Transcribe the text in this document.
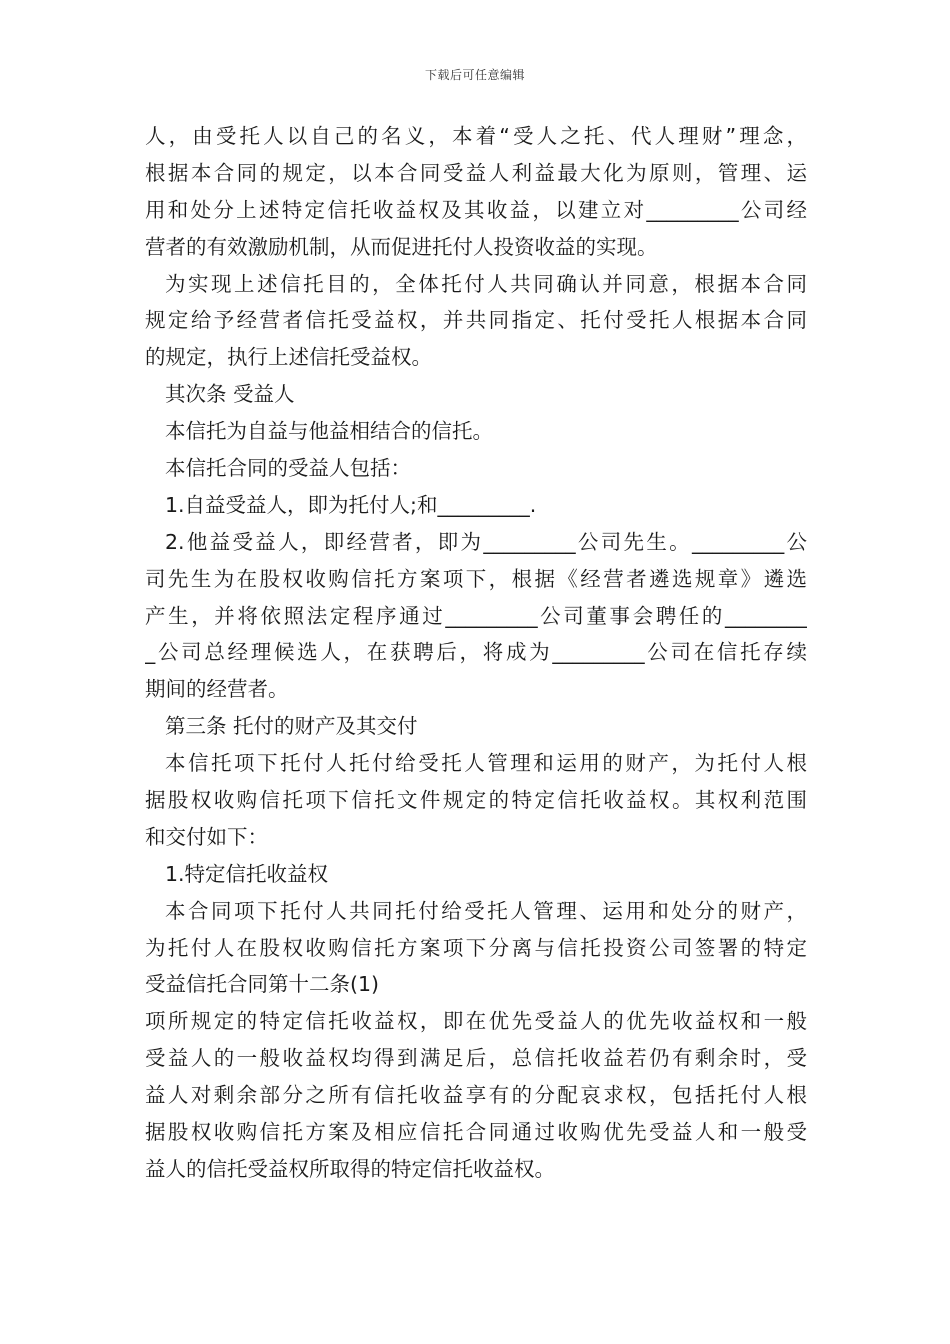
下载后可任意编辑
人，由受托人以自己的名义，本着“受人之托、代人理财”理念，
根据本合同的规定，以本合同受益人利益最大化为原则，管理、运
用和处分上述特定信托收益权及其收益，以建立对_________公司经
营者的有效激励机制，从而促进托付人投资收益的实现。
为实现上述信托目的，全体托付人共同确认并同意，根据本合同
规定给予经营者信托受益权，并共同指定、托付受托人根据本合同
的规定，执行上述信托受益权。
其次条 受益人
本信托为自益与他益相结合的信托。
本信托合同的受益人包括：
1.自益受益人，即为托付人;和_________.
2.他益受益人，即经营者，即为_________公司先生。_________公
司先生为在股权收购信托方案项下，根据《经营者遴选规章》遴选
产生，并将依照法定程序通过_________公司董事会聘任的________
_公司总经理候选人，在获聘后，将成为_________公司在信托存续
期间的经营者。
第三条 托付的财产及其交付
本信托项下托付人托付给受托人管理和运用的财产，为托付人根
据股权收购信托项下信托文件规定的特定信托收益权。其权利范围
和交付如下：
1.特定信托收益权
本合同项下托付人共同托付给受托人管理、运用和处分的财产，
为托付人在股权收购信托方案项下分离与信托投资公司签署的特定
受益信托合同第十二条(1)
项所规定的特定信托收益权，即在优先受益人的优先收益权和一般
受益人的一般收益权均得到满足后，总信托收益若仍有剩余时，受
益人对剩余部分之所有信托收益享有的分配哀求权，包括托付人根
据股权收购信托方案及相应信托合同通过收购优先受益人和一般受
益人的信托受益权所取得的特定信托收益权。
